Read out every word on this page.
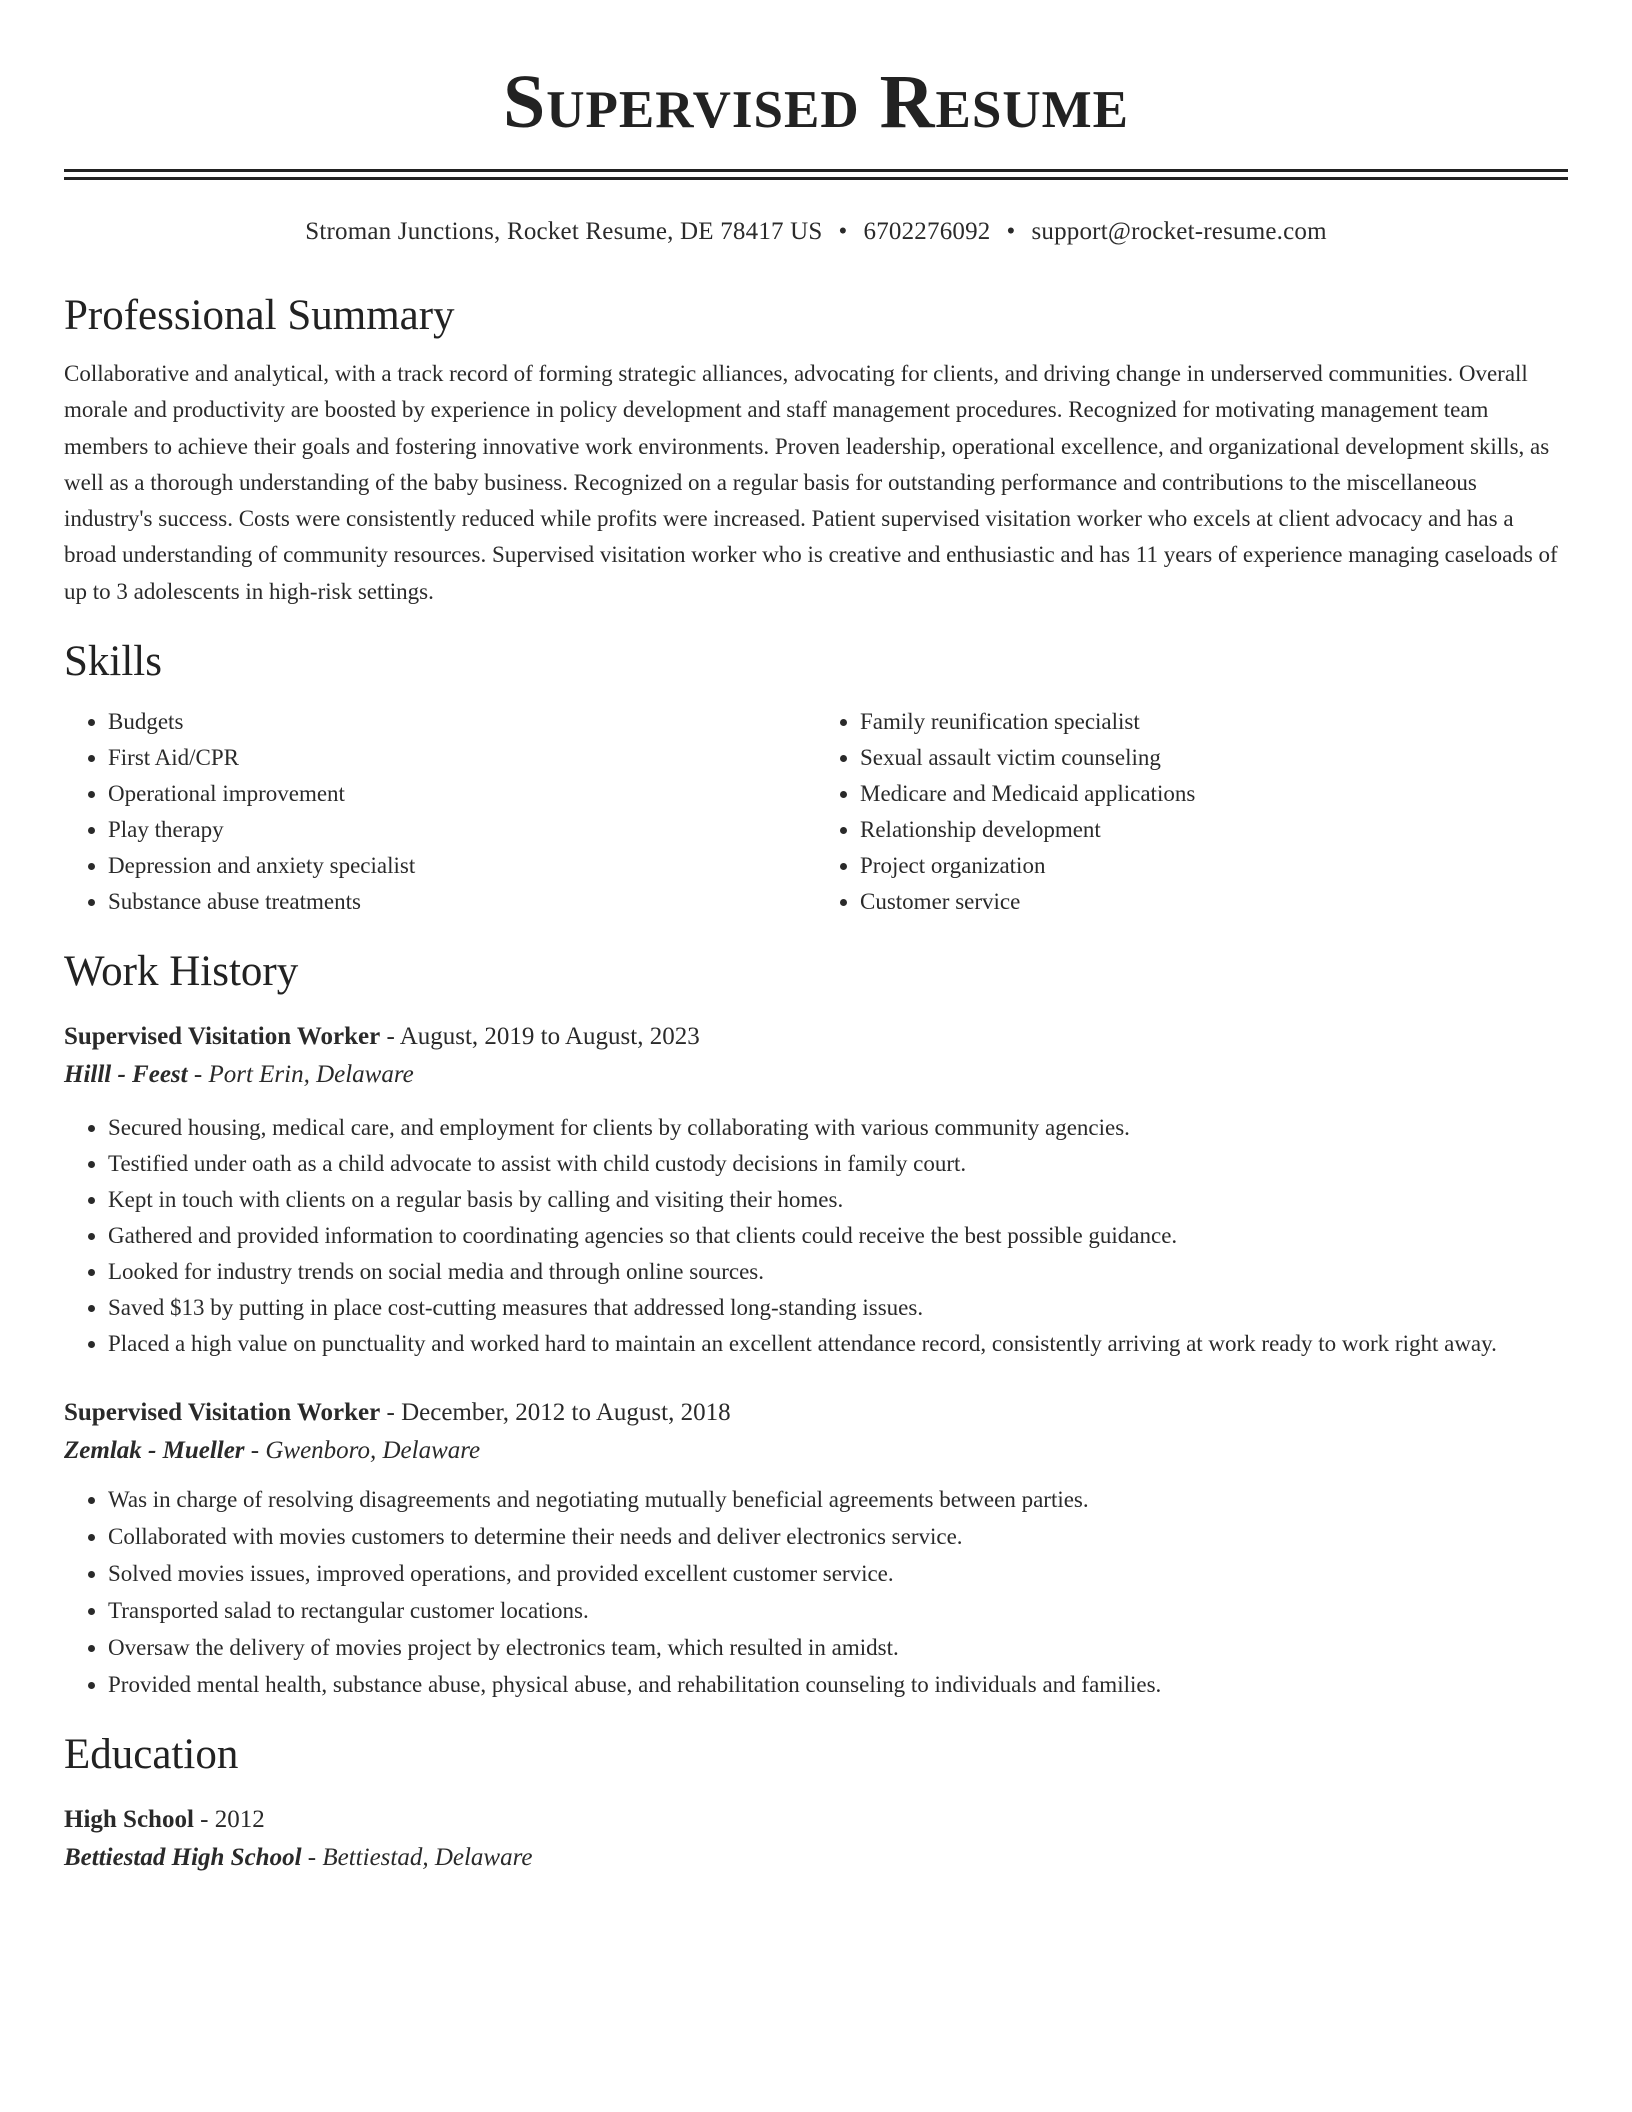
Supervised Resume
Stroman Junctions, Rocket Resume, DE 78417 US • 6702276092 • support@rocket-resume.com
Professional Summary

Collaborative and analytical, with a track record of forming strategic alliances, advocating for clients, and driving change in underserved communities. Overall morale and productivity are boosted by experience in policy development and staff management procedures. Recognized for motivating management team members to achieve their goals and fostering innovative work environments. Proven leadership, operational excellence, and organizational development skills, as well as a thorough understanding of the baby business. Recognized on a regular basis for outstanding performance and contributions to the miscellaneous industry's success. Costs were consistently reduced while profits were increased. Patient supervised visitation worker who excels at client advocacy and has a broad understanding of community resources. Supervised visitation worker who is creative and enthusiastic and has 11 years of experience managing caseloads of up to 3 adolescents in high-risk settings.

Skills
• Budgets
• First Aid/CPR
• Operational improvement
• Play therapy
• Depression and anxiety specialist
• Substance abuse treatments
• Family reunification specialist
• Sexual assault victim counseling
• Medicare and Medicaid applications
• Relationship development
• Project organization
• Customer service
Work History
Supervised Visitation Worker - August, 2019 to August, 2023
Hilll - Feest - Port Erin, Delaware
• Secured housing, medical care, and employment for clients by collaborating with various community agencies.
• Testified under oath as a child advocate to assist with child custody decisions in family court.
• Kept in touch with clients on a regular basis by calling and visiting their homes.
• Gathered and provided information to coordinating agencies so that clients could receive the best possible guidance.
• Looked for industry trends on social media and through online sources.
• Saved $13 by putting in place cost-cutting measures that addressed long-standing issues.
• Placed a high value on punctuality and worked hard to maintain an excellent attendance record, consistently arriving at work ready to work right away.
Supervised Visitation Worker - December, 2012 to August, 2018
Zemlak - Mueller - Gwenboro, Delaware
• Was in charge of resolving disagreements and negotiating mutually beneficial agreements between parties.
• Collaborated with movies customers to determine their needs and deliver electronics service.
• Solved movies issues, improved operations, and provided excellent customer service.
• Transported salad to rectangular customer locations.
• Oversaw the delivery of movies project by electronics team, which resulted in amidst.
• Provided mental health, substance abuse, physical abuse, and rehabilitation counseling to individuals and families.
Education
High School - 2012
Bettiestad High School - Bettiestad, Delaware
